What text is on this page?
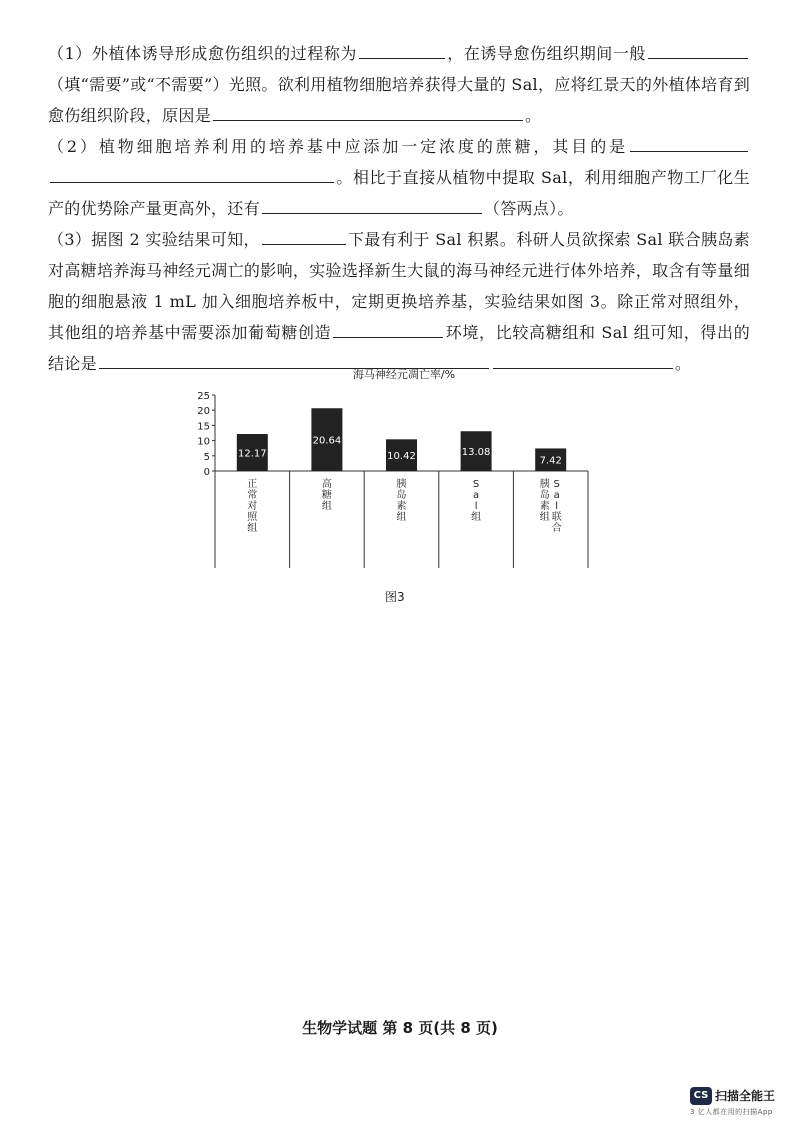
（1）外植体诱导形成愈伤组织的过程称为	，在诱导愈伤组织期间一般（填“需要”或“不需要”）光照。欲利用植物细胞培养获得大量的 Sal，应将红景天的外植体培育到愈伤组织阶段，原因是	。

（2）植物细胞培养利用的培养基中应添加一定浓度的蔗糖，其目的是。相比于直接从植物中提取 Sal，利用细胞产物工厂化生产的优势除产量更高外，还有	（答两点）。

（3）据图 2 实验结果可知，	下最有利于 Sal 积累。科研人员欲探索 Sal 联合胰岛素对高糖培养海马神经元凋亡的影响，实验选择新生大鼠的海马神经元进行体外培养，取含有等量细胞的细胞悬液 1 mL 加入细胞培养板中，定期更换培养基，实验结果如图 3。除正常对照组外，其他组的培养基中需要添加葡萄糖创造	环境，比较高糖组和 Sal 组可知，得出的结论是	。

海马神经元凋亡率/%
0
5
10
15
20
25
12.17
20.64
10.42	13.08
7.42
正常对照组
高糖组
胰岛素组
S a l 组
S a l 联合胰岛素组
图3
生物学试题 第 8 页(共 8 页)
CS 扫描全能王
3 亿人都在用的扫描App
